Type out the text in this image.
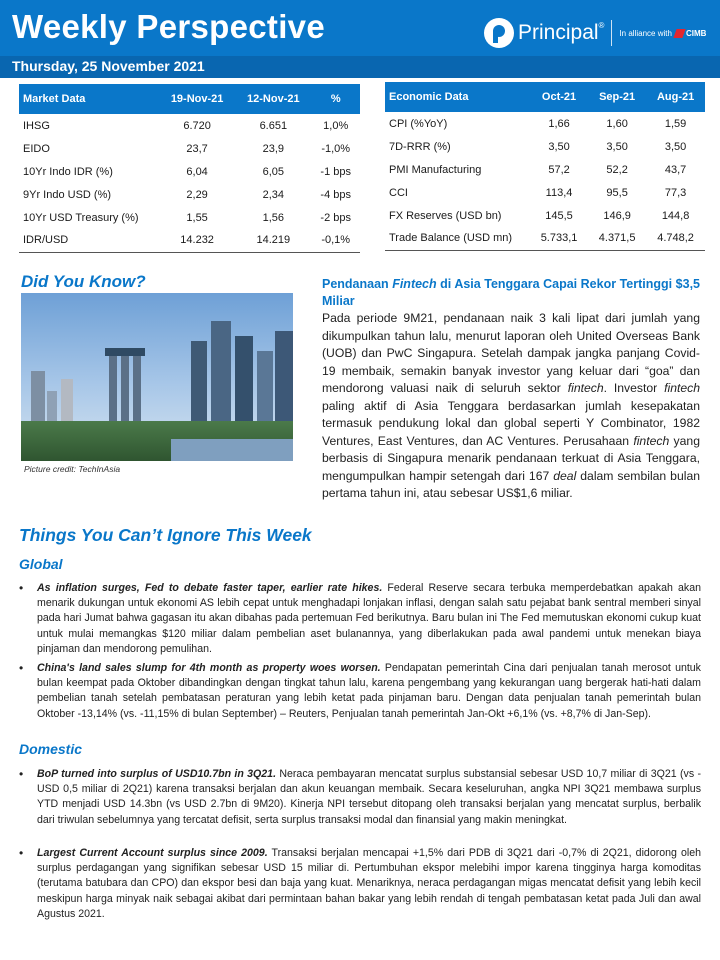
Weekly Perspective	Principal®
In alliance with CIMB
Thursday, 25 November 2021
Market Data	19-Nov-21	12-Nov-21	%
IHSG	6.720	6.651	1,0%
EIDO	23,7	23,9	-1,0%
10Yr Indo IDR (%)	6,04	6,05	-1 bps
9Yr Indo USD (%)	2,29	2,34	-4 bps
10Yr USD Treasury (%)	1,55	1,56	-2 bps
IDR/USD	14.232	14.219	-0,1%
Economic Data	Oct-21	Sep-21	Aug-21
CPI (%YoY)	1,66	1,60	1,59
7D-RRR (%)	3,50	3,50	3,50
PMI Manufacturing	57,2	52,2	43,7
CCI	113,4	95,5	77,3
FX Reserves (USD bn)	145,5	146,9	144,8
Trade Balance (USD mn)	5.733,1	4.371,5	4.748,2
Did You Know?
Picture credit: TechInAsia
Pendanaan Fintech di Asia Tenggara Capai Rekor Tertinggi $3,5 Miliar
Pada periode 9M21, pendanaan naik 3 kali lipat dari jumlah yang dikumpulkan tahun lalu, menurut laporan oleh United Overseas Bank (UOB) dan PwC Singapura. Setelah dampak jangka panjang Covid-19 membaik, semakin banyak investor yang keluar dari “goa” dan mendorong valuasi naik di seluruh sektor fintech. Investor fintech paling aktif di Asia Tenggara berdasarkan jumlah kesepakatan termasuk pendukung lokal dan global seperti Y Combinator, 1982 Ventures, East Ventures, dan AC Ventures. Perusahaan fintech yang berbasis di Singapura menarik pendanaan terkuat di Asia Tenggara, mengumpulkan hampir setengah dari 167 deal dalam sembilan bulan pertama tahun ini, atau sebesar US$1,6 miliar.
Things You Can’t Ignore This Week
Global
• As inflation surges, Fed to debate faster taper, earlier rate hikes. Federal Reserve secara terbuka memperdebatkan apakah akan menarik dukungan untuk ekonomi AS lebih cepat untuk menghadapi lonjakan inflasi, dengan salah satu pejabat bank sentral memberi sinyal pada hari Jumat bahwa gagasan itu akan dibahas pada pertemuan Fed berikutnya. Baru bulan ini The Fed memutuskan ekonomi cukup kuat untuk mulai memangkas $120 miliar dalam pembelian aset bulanannya, yang diberlakukan pada awal pandemi untuk menekan biaya pinjaman dan mendorong pemulihan.
• China's land sales slump for 4th month as property woes worsen. Pendapatan pemerintah Cina dari penjualan tanah merosot untuk bulan keempat pada Oktober dibandingkan dengan tingkat tahun lalu, karena pengembang yang kekurangan uang bergerak hati-hati dalam pembelian tanah setelah pembatasan peraturan yang lebih ketat pada pinjaman baru. Dengan data penjualan tanah pemerintah bulan Oktober -13,14% (vs. -11,15% di bulan September) – Reuters, Penjualan tanah pemerintah Jan-Okt +6,1% (vs. +8,7% di Jan-Sep).
Domestic
• BoP turned into surplus of USD10.7bn in 3Q21. Neraca pembayaran mencatat surplus substansial sebesar USD 10,7 miliar di 3Q21 (vs -USD 0,5 miliar di 2Q21) karena transaksi berjalan dan akun keuangan membaik. Secara keseluruhan, angka NPI 3Q21 membawa surplus YTD menjadi USD 14.3bn (vs USD 2.7bn di 9M20). Kinerja NPI tersebut ditopang oleh transaksi berjalan yang mencatat surplus, berbalik dari triwulan sebelumnya yang tercatat defisit, serta surplus transaksi modal dan finansial yang makin meningkat.
• Largest Current Account surplus since 2009. Transaksi berjalan mencapai +1,5% dari PDB di 3Q21 dari -0,7% di 2Q21, didorong oleh surplus perdagangan yang signifikan sebesar USD 15 miliar di. Pertumbuhan ekspor melebihi impor karena tingginya harga komoditas (terutama batubara dan CPO) dan ekspor besi dan baja yang kuat. Menariknya, neraca perdagangan migas mencatat defisit yang lebih kecil meskipun harga minyak naik sebagai akibat dari permintaan bahan bakar yang lebih rendah di tengah pembatasan ketat pada Juli dan awal Agustus 2021.
